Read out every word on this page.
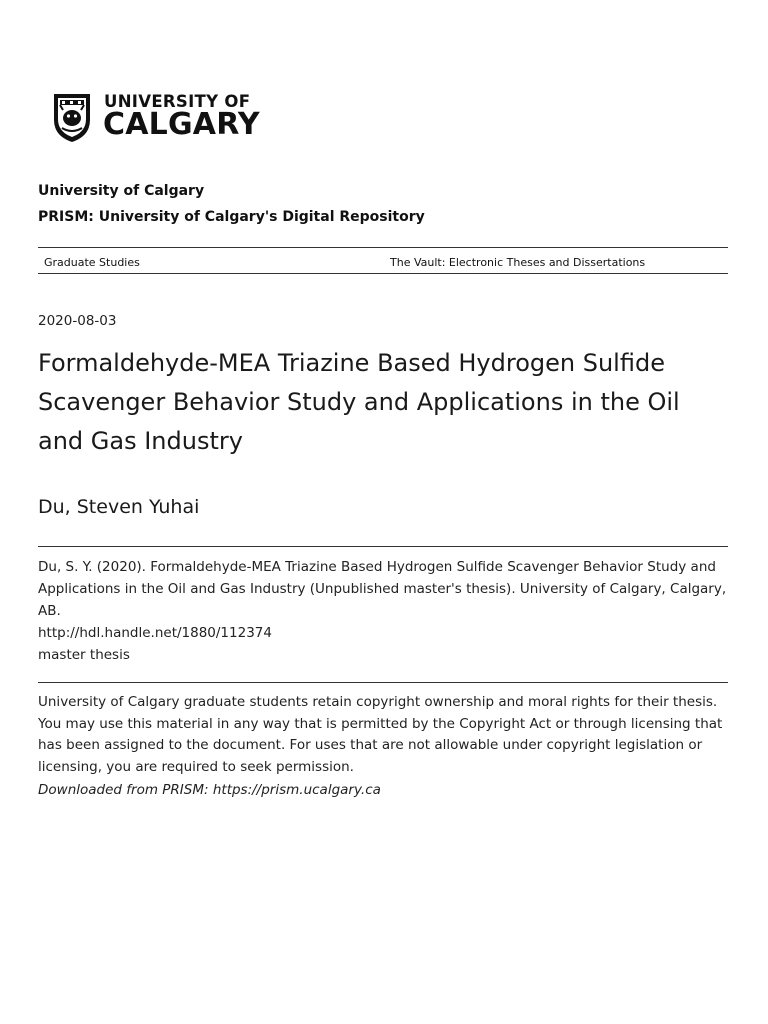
UNIVERSITY OF
CALGARY
University of Calgary
PRISM: University of Calgary's Digital Repository
Graduate Studies	The Vault: Electronic Theses and Dissertations
2020-08-03
Formaldehyde-MEA Triazine Based Hydrogen Sulfide Scavenger Behavior Study and Applications in the Oil and Gas Industry
Du, Steven Yuhai
Du, S. Y. (2020). Formaldehyde-MEA Triazine Based Hydrogen Sulfide Scavenger Behavior Study and Applications in the Oil and Gas Industry (Unpublished master's thesis). University of Calgary, Calgary, AB.
http://hdl.handle.net/1880/112374
master thesis
University of Calgary graduate students retain copyright ownership and moral rights for their thesis. You may use this material in any way that is permitted by the Copyright Act or through licensing that has been assigned to the document. For uses that are not allowable under copyright legislation or licensing, you are required to seek permission.
Downloaded from PRISM: https://prism.ucalgary.ca
